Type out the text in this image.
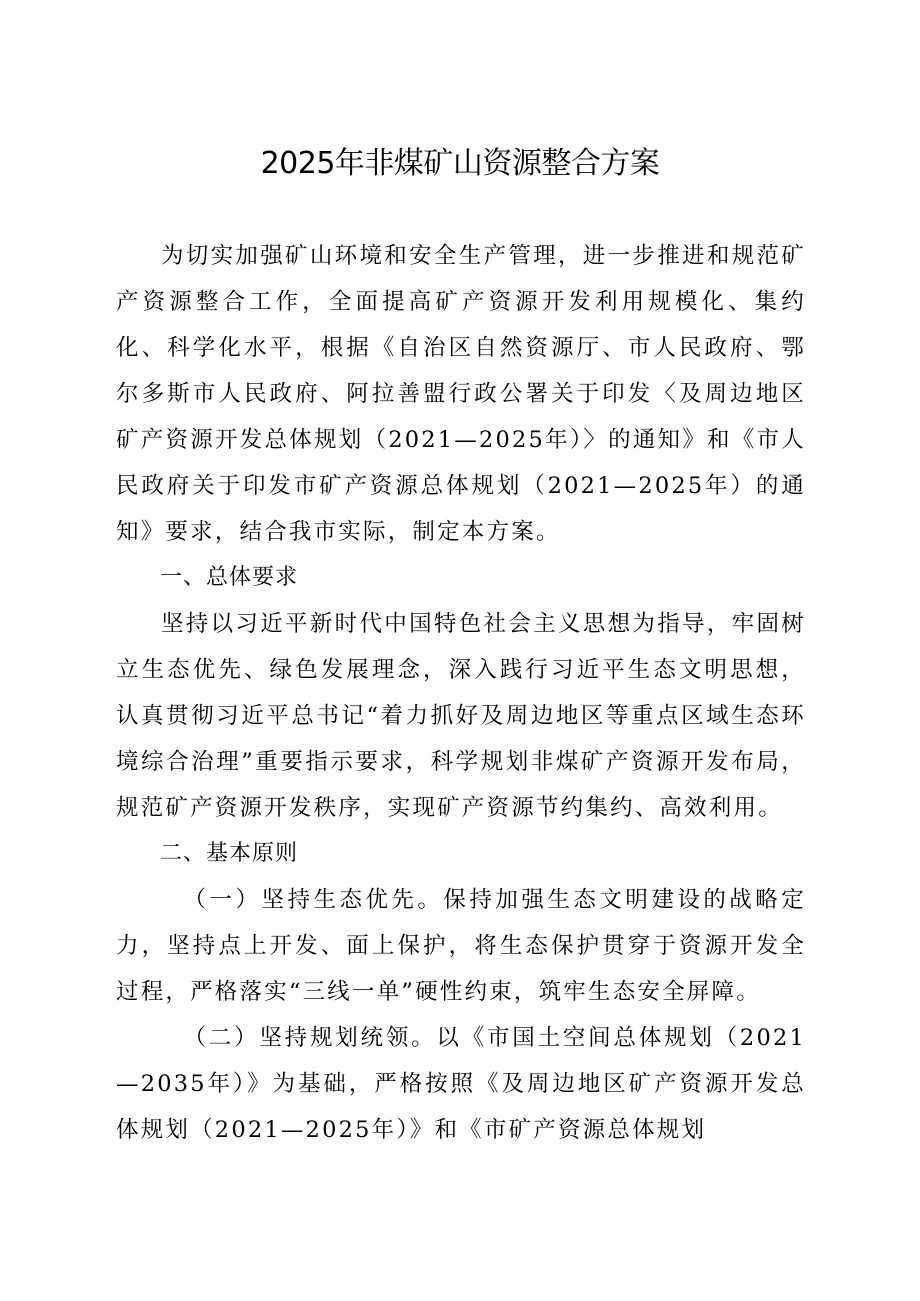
2025年非煤矿山资源整合方案

为切实加强矿山环境和安全生产管理，进一步推进和规范矿产资源整合工作，全面提高矿产资源开发利用规模化、集约化、科学化水平，根据《自治区自然资源厅、市人民政府、鄂尔多斯市人民政府、阿拉善盟行政公署关于印发〈及周边地区矿产资源开发总体规划（2021—2025年）〉的通知》和《市人民政府关于印发市矿产资源总体规划（2021—2025年）的通知》要求，结合我市实际，制定本方案。

一、总体要求

坚持以习近平新时代中国特色社会主义思想为指导，牢固树立生态优先、绿色发展理念，深入践行习近平生态文明思想，认真贯彻习近平总书记“着力抓好及周边地区等重点区域生态环境综合治理”重要指示要求，科学规划非煤矿产资源开发布局，规范矿产资源开发秩序，实现矿产资源节约集约、高效利用。

二、基本原则

（一）坚持生态优先。保持加强生态文明建设的战略定力，坚持点上开发、面上保护，将生态保护贯穿于资源开发全过程，严格落实“三线一单”硬性约束，筑牢生态安全屏障。

（二）坚持规划统领。以《市国土空间总体规划（2021—2035年）》为基础，严格按照《及周边地区矿产资源开发总体规划（2021—2025年）》和《市矿产资源总体规划
